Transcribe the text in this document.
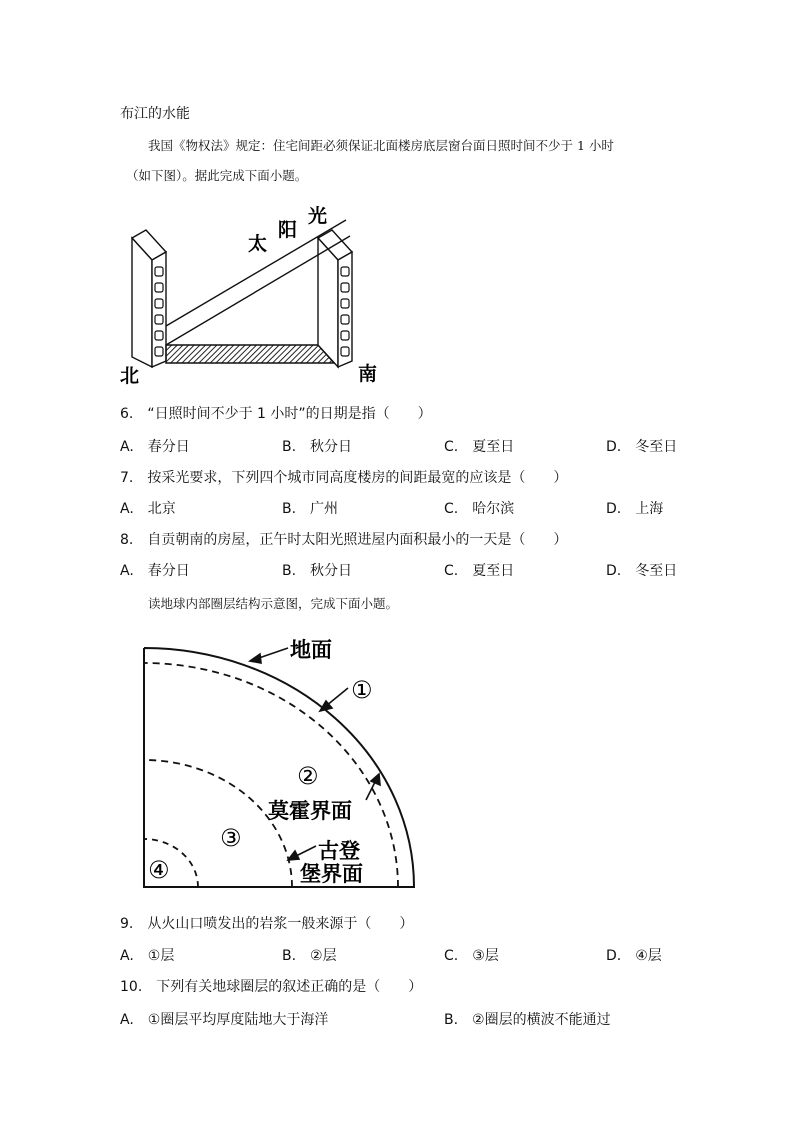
布江的水能
我国《物权法》规定：住宅间距必须保证北面楼房底层窗台面日照时间不少于 1 小时
（如下图）。据此完成下面小题。
太
阳
光
北	南
6.　“日照时间不少于 1 小时”的日期是指（　　）
A.　春分日	B.　秋分日	C.　夏至日	D.　冬至日
7.　按采光要求，下列四个城市同高度楼房的间距最宽的应该是（　　）
A.　北京	B.　广州	C.　哈尔滨	D.　上海
8.　自贡朝南的房屋，正午时太阳光照进屋内面积最小的一天是（　　）
A.　春分日	B.　秋分日	C.　夏至日	D.　冬至日
读地球内部圈层结构示意图，完成下面小题。
地面
①
②
莫霍界面
③	古登
堡界面
④
9.　从火山口喷发出的岩浆一般来源于（　　）
A.　①层	B.　②层	C.　③层	D.　④层
10.　下列有关地球圈层的叙述正确的是（　　）
A.　①圈层平均厚度陆地大于海洋	B.　②圈层的横波不能通过
